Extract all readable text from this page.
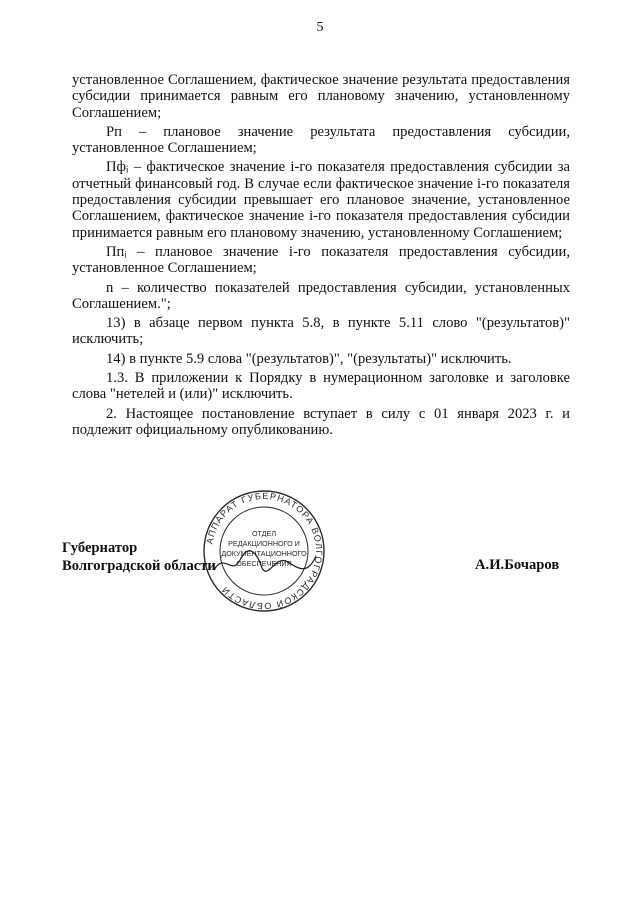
5

установленное Соглашением, фактическое значение результата предоставления субсидии принимается равным его плановому значению, установленному Соглашением;

Рп – плановое значение результата предоставления субсидии, установленное Соглашением;

Пфᵢ – фактическое значение i-го показателя предоставления субсидии за отчетный финансовый год. В случае если фактическое значение i-го показателя предоставления субсидии превышает его плановое значение, установленное Соглашением, фактическое значение i-го показателя предоставления субсидии принимается равным его плановому значению, установленному Соглашением;

Ппᵢ – плановое значение i-го показателя предоставления субсидии, установленное Соглашением;

n – количество показателей предоставления субсидии, установленных Соглашением.";

13) в абзаце первом пункта 5.8, в пункте 5.11 слово "(результатов)" исключить;

14) в пункте 5.9 слова "(результатов)", "(результаты)" исключить.

1.3. В приложении к Порядку в нумерационном заголовке и заголовке слова "нетелей и (или)" исключить.

2. Настоящее постановление вступает в силу с 01 января 2023 г. и подлежит официальному опубликованию.

АППАРАТ ГУБЕРНАТОРА ВОЛГОГРАДСКОЙ ОБЛАСТИ
ОТДЕЛ
РЕДАКЦИОННОГО И
ДОКУМЕНТАЦИОННОГО
ОБЕСПЕЧЕНИЯ
Губернатор
Волгоградской области	А.И.Бочаров
